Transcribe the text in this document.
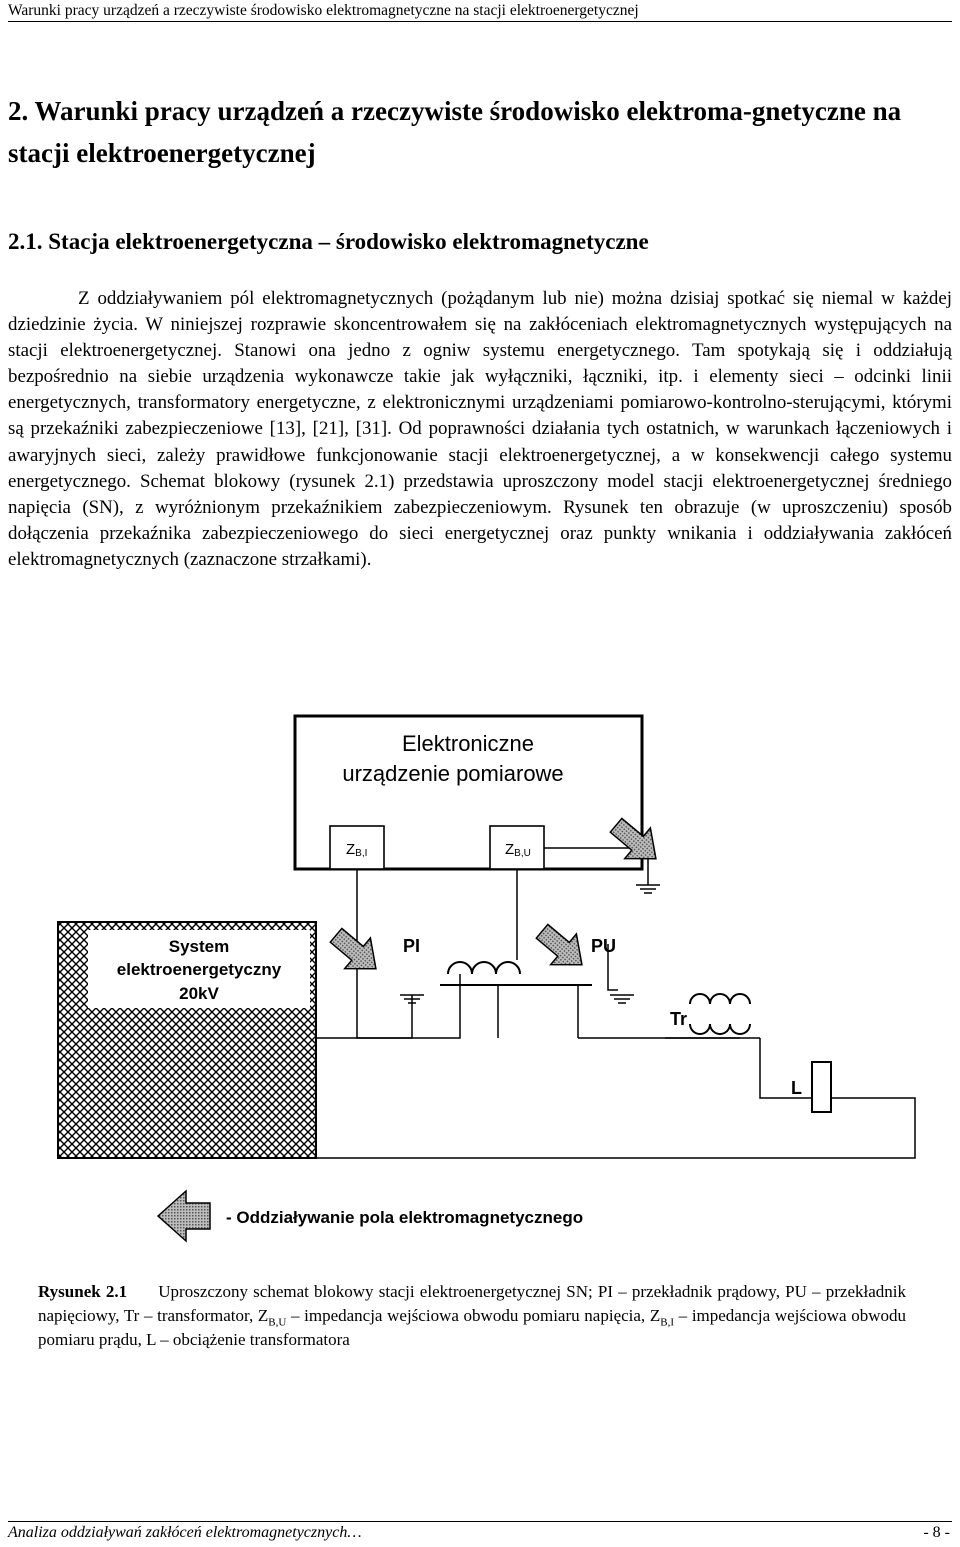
Warunki pracy urządzeń a rzeczywiste środowisko elektromagnetyczne na stacji elektroenergetycznej
2. Warunki pracy urządzeń a rzeczywiste środowisko elektroma-gnetyczne na stacji elektroenergetycznej
2.1. Stacja elektroenergetyczna – środowisko elektromagnetyczne

Z oddziaływaniem pól elektromagnetycznych (pożądanym lub nie) można dzisiaj spotkać się niemal w każdej dziedzinie życia. W niniejszej rozprawie skoncentrowałem się na zakłóceniach elektromagnetycznych występujących na stacji elektroenergetycznej. Stanowi ona jedno z ogniw systemu energetycznego. Tam spotykają się i oddziałują bezpośrednio na siebie urządzenia wykonawcze takie jak wyłączniki, łączniki, itp. i elementy sieci – odcinki linii energetycznych, transformatory energetyczne, z elektronicznymi urządzeniami pomiarowo-kontrolno-sterującymi, którymi są przekaźniki zabezpieczeniowe [13], [21], [31]. Od poprawności działania tych ostatnich, w warunkach łączeniowych i awaryjnych sieci, zależy prawidłowe funkcjonowanie stacji elektroenergetycznej, a w konsekwencji całego systemu energetycznego. Schemat blokowy (rysunek 2.1) przedstawia uproszczony model stacji elektroenergetycznej średniego napięcia (SN), z wyróżnionym przekaźnikiem zabezpieczeniowym. Rysunek ten obrazuje (w uproszczeniu) sposób dołączenia przekaźnika zabezpieczeniowego do sieci energetycznej oraz punkty wnikania i oddziaływania zakłóceń elektromagnetycznych (zaznaczone strzałkami).

Elektroniczne
urządzenie pomiarowe
ZB,I	ZB,U
System
elektroenergetyczny
20kV
PI	PU
Tr
L
- Oddziaływanie pola elektromagnetycznego

Rysunek 2.1 Uproszczony schemat blokowy stacji elektroenergetycznej SN; PI – przekładnik prądowy, PU – przekładnik napięciowy, Tr – transformator, $Z_{B,U}$ – impedancja wejściowa obwodu pomiaru napięcia, $Z_{B,I}$ – impedancja wejściowa obwodu pomiaru prądu, L – obciążenie transformatora

Analiza oddziaływań zakłóceń elektromagnetycznych…	- 8 -
